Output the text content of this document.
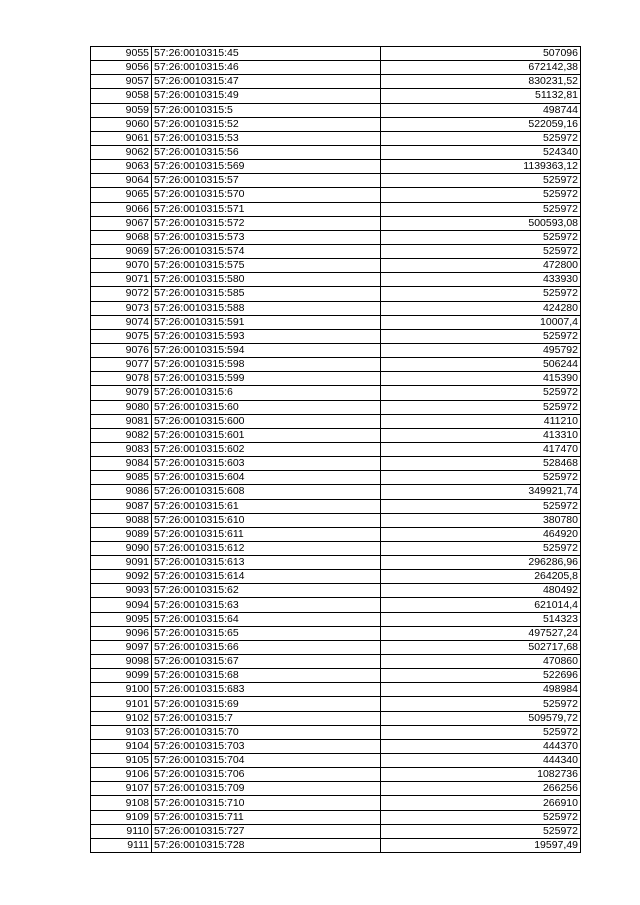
9055	57:26:0010315:45	507096
9056	57:26:0010315:46	672142,38
9057	57:26:0010315:47	830231,52
9058	57:26:0010315:49	51132,81
9059	57:26:0010315:5	498744
9060	57:26:0010315:52	522059,16
9061	57:26:0010315:53	525972
9062	57:26:0010315:56	524340
9063	57:26:0010315:569	1139363,12
9064	57:26:0010315:57	525972
9065	57:26:0010315:570	525972
9066	57:26:0010315:571	525972
9067	57:26:0010315:572	500593,08
9068	57:26:0010315:573	525972
9069	57:26:0010315:574	525972
9070	57:26:0010315:575	472800
9071	57:26:0010315:580	433930
9072	57:26:0010315:585	525972
9073	57:26:0010315:588	424280
9074	57:26:0010315:591	10007,4
9075	57:26:0010315:593	525972
9076	57:26:0010315:594	495792
9077	57:26:0010315:598	506244
9078	57:26:0010315:599	415390
9079	57:26:0010315:6	525972
9080	57:26:0010315:60	525972
9081	57:26:0010315:600	411210
9082	57:26:0010315:601	413310
9083	57:26:0010315:602	417470
9084	57:26:0010315:603	528468
9085	57:26:0010315:604	525972
9086	57:26:0010315:608	349921,74
9087	57:26:0010315:61	525972
9088	57:26:0010315:610	380780
9089	57:26:0010315:611	464920
9090	57:26:0010315:612	525972
9091	57:26:0010315:613	296286,96
9092	57:26:0010315:614	264205,8
9093	57:26:0010315:62	480492
9094	57:26:0010315:63	621014,4
9095	57:26:0010315:64	514323
9096	57:26:0010315:65	497527,24
9097	57:26:0010315:66	502717,68
9098	57:26:0010315:67	470860
9099	57:26:0010315:68	522696
9100	57:26:0010315:683	498984
9101	57:26:0010315:69	525972
9102	57:26:0010315:7	509579,72
9103	57:26:0010315:70	525972
9104	57:26:0010315:703	444370
9105	57:26:0010315:704	444340
9106	57:26:0010315:706	1082736
9107	57:26:0010315:709	266256
9108	57:26:0010315:710	266910
9109	57:26:0010315:711	525972
9110	57:26:0010315:727	525972
9111	57:26:0010315:728	19597,49
